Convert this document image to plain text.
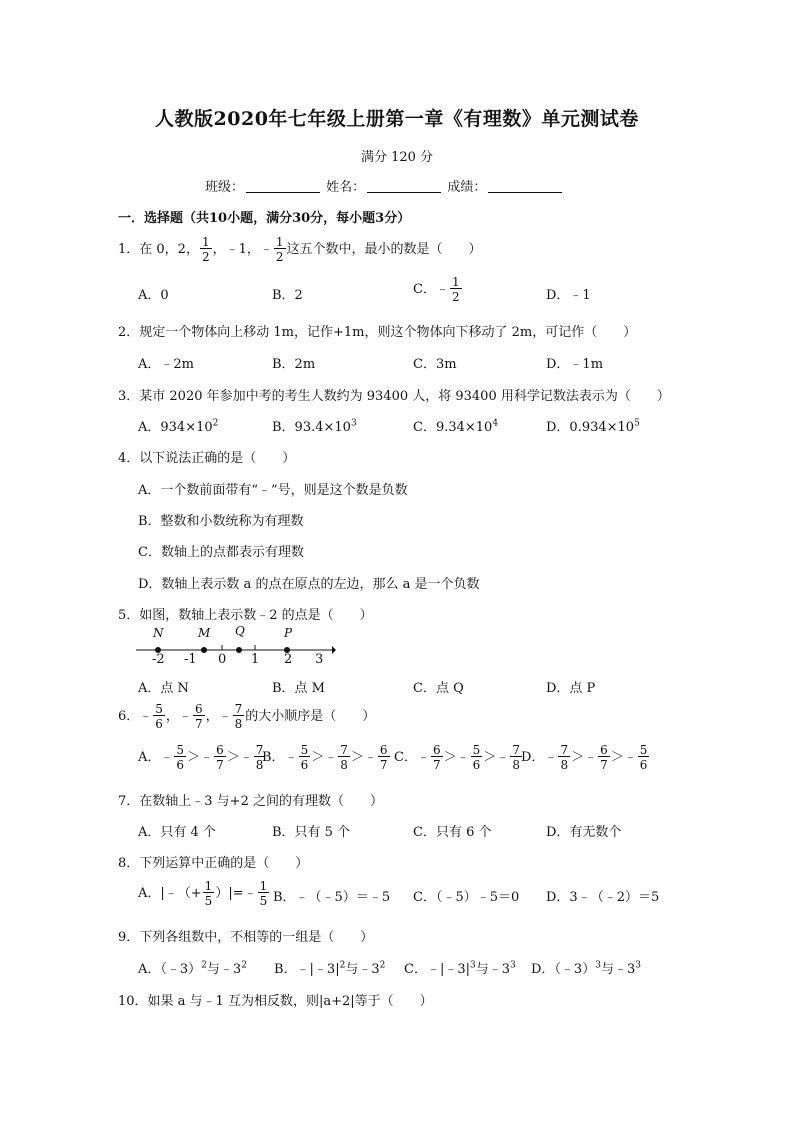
人教版2020年七年级上册第一章《有理数》单元测试卷
满分 120 分
班级：	姓名：	成绩：
一．选择题（共10小题，满分30分，每小题3分）
1．在 0，2， $\frac{1}{2}$ ，﹣1，﹣ $\frac{1}{2}$ 这五个数中，最小的数是（　　）
A．0	B．2	C．﹣ $\frac{1}{2}$	D．﹣1
2．规定一个物体向上移动 1m，记作+1m，则这个物体向下移动了 2m，可记作（　　）
A．﹣2m	B．2m	C．3m	D．﹣1m
3．某市 2020 年参加中考的考生人数约为 93400 人，将 93400 用科学记数法表示为（　　）
A．$934\times 10^2$	B．$93.4\times 10^3$	C．$9.34\times 10^4$	D．$0.934\times 10^5$
4．以下说法正确的是（　　）
A．一个数前面带有“﹣”号，则是这个数是负数
B．整数和小数统称为有理数
C．数轴上的点都表示有理数
D．数轴上表示数 a 的点在原点的左边，那么 a 是一个负数
5．如图，数轴上表示数﹣2 的点是（　　）
N	M Q	P
-2 -1 0 1 2 3
A．点 N	B．点 M	C．点 Q	D．点 P
6．﹣ $\frac{5}{6}$ ，﹣ $\frac{6}{7}$ ，﹣ $\frac{7}{8}$ 的大小顺序是（　　）
A．﹣ $\frac{5}{6}$ ＞﹣ $\frac{6}{7}$ ＞﹣ $\frac{7}{8}$
B．﹣ $\frac{5}{6}$ ＞﹣ $\frac{7}{8}$ ＞﹣ $\frac{6}{7}$ C．﹣ $\frac{6}{7}$ ＞﹣ $\frac{5}{6}$ ＞﹣ $\frac{7}{8}$ D．﹣ $\frac{7}{8}$ ＞﹣ $\frac{6}{7}$ ＞﹣ $\frac{5}{6}$
7．在数轴上﹣3 与+2 之间的有理数（　　）
A．只有 4 个	B．只有 5 个	C．只有 6 个	D．有无数个
8．下列运算中正确的是（　　）
A．|﹣（+ $\frac{1}{5}$ ）|=﹣ $\frac{1}{5}$ B．﹣（﹣5）＝﹣5 C．（﹣5）﹣5＝0 D．3﹣（﹣2）＝5
9．下列各组数中，不相等的一组是（　　）
A．（﹣3）$^2$与$﹣3^2$ B．$﹣|﹣3|^2$与$﹣3^2$ C．$﹣|﹣3|^3$与$﹣3^3$ D．（﹣3）$^3$与$﹣3^3$
10．如果 a 与﹣1 互为相反数，则|a+2|等于（　　）
